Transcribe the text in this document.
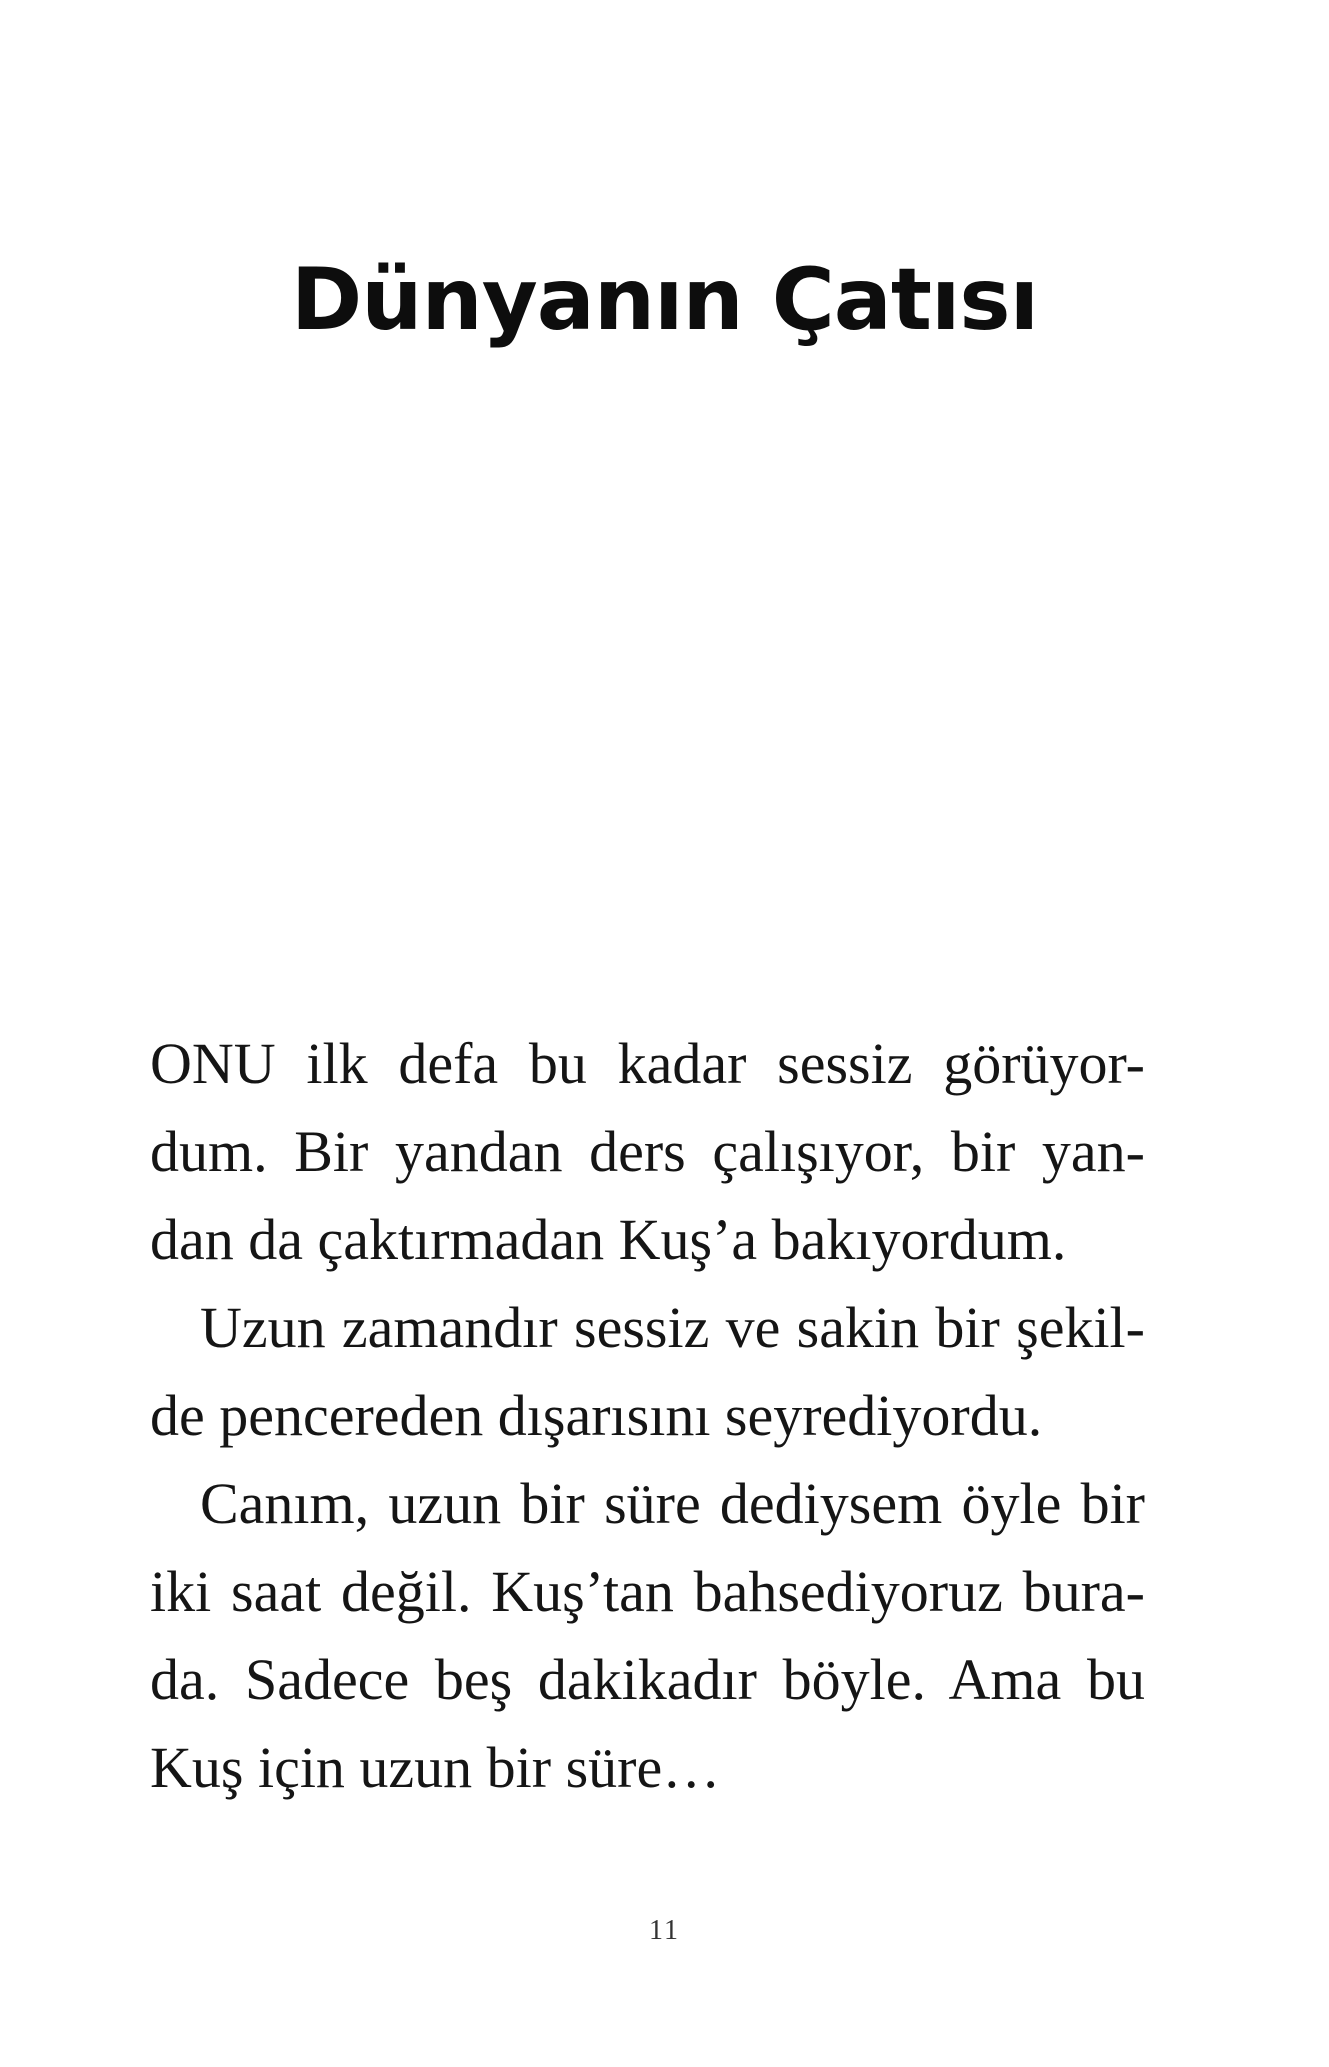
Dünyanın Çatısı
ONU ilk defa bu kadar sessiz görüyor-
dum. Bir yandan ders çalışıyor, bir yan-
dan da çaktırmadan Kuş’a bakıyordum.
Uzun zamandır sessiz ve sakin bir şekil-
de pencereden dışarısını seyrediyordu.
Canım, uzun bir süre dediysem öyle bir
iki saat değil. Kuş’tan bahsediyoruz bura-
da. Sadece beş dakikadır böyle. Ama bu
Kuş için uzun bir süre…
11
